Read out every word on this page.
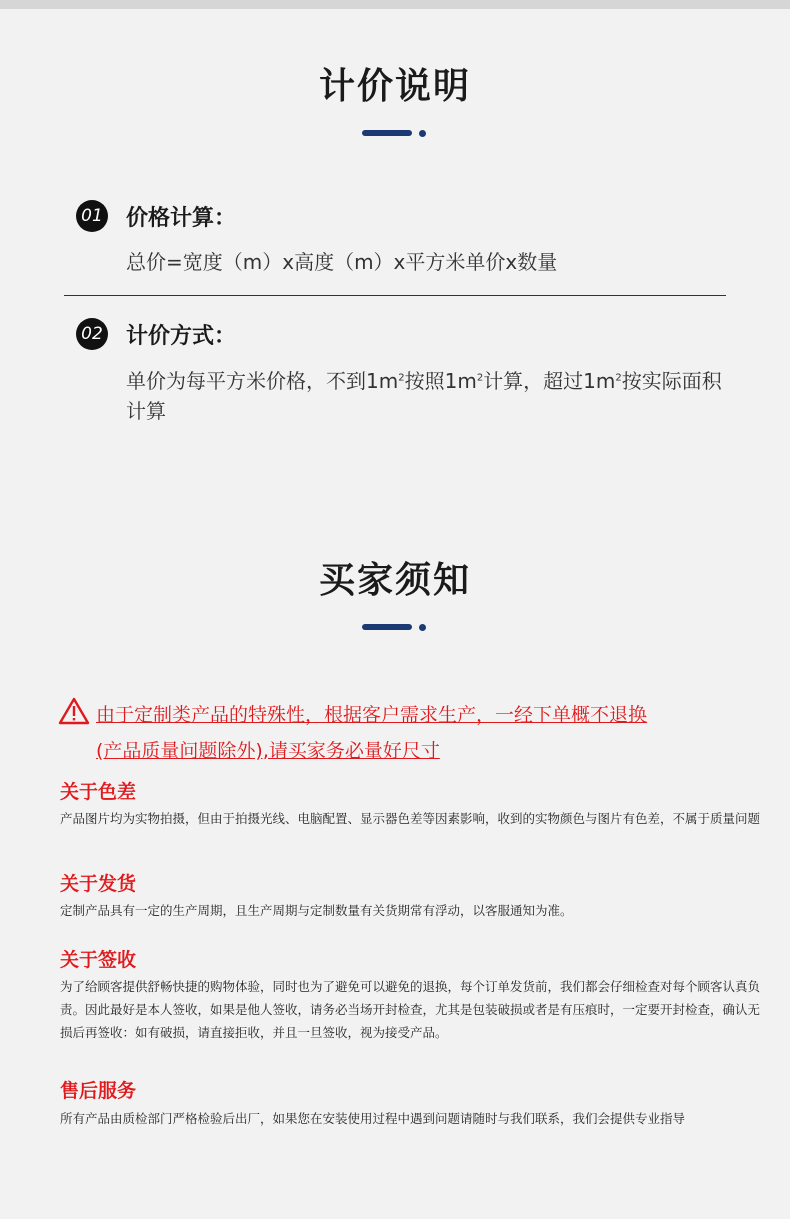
计价说明
01 价格计算：
总价=宽度（m）x高度（m）x平方米单价x数量
02 计价方式：
单价为每平方米价格，不到$1m^2$按照$1m^2$计算，超过$1m^2$按实际面积计算
买家须知
由于定制类产品的特殊性，根据客户需求生产，一经下单概不退换
(产品质量问题除外),请买家务必量好尺寸
关于色差
产品图片均为实物拍摄，但由于拍摄光线、电脑配置、显示器色差等因素影响，收到的实物颜色与图片有色差，不属于质量问题
关于发货
定制产品具有一定的生产周期，且生产周期与定制数量有关货期常有浮动，以客服通知为准。
关于签收
为了给顾客提供舒畅快捷的购物体验，同时也为了避免可以避免的退换，每个订单发货前，我们都会仔细检查对每个顾客认真负责。因此最好是本人签收，如果是他人签收，请务必当场开封检查，尤其是包装破损或者是有压痕时，一定要开封检查，确认无损后再签收：如有破损，请直接拒收，并且一旦签收，视为接受产品。
售后服务
所有产品由质检部门严格检验后出厂，如果您在安装使用过程中遇到问题请随时与我们联系，我们会提供专业指导
